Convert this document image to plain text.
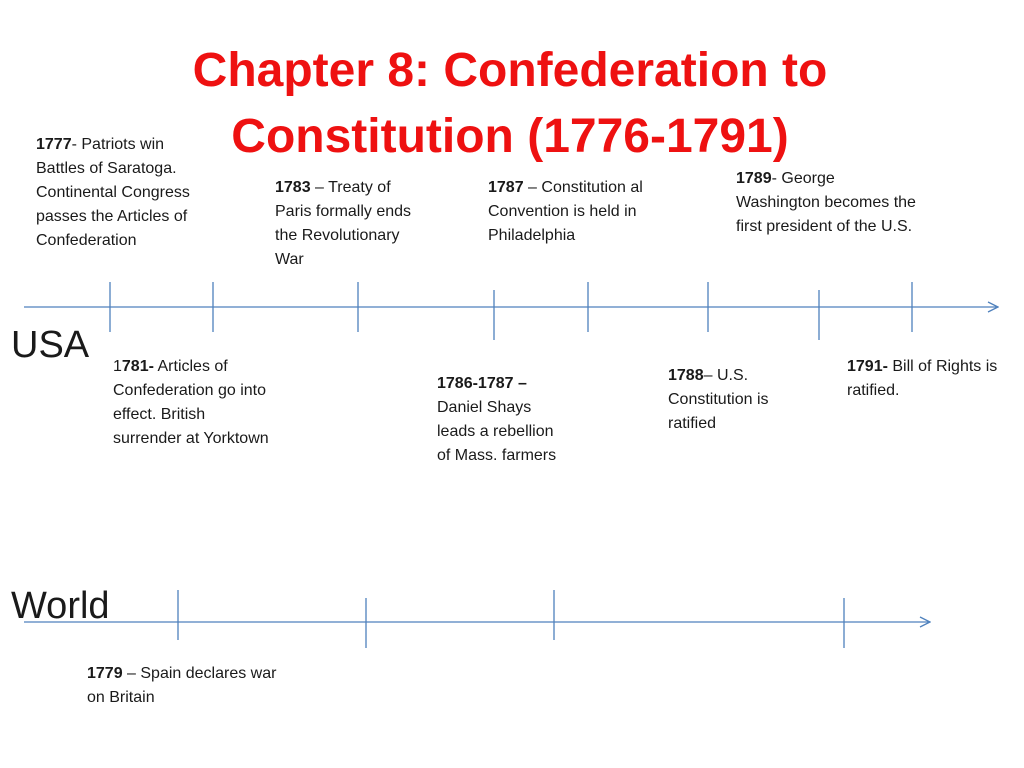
Chapter 8: Confederation to
Constitution (1776-1791)
USA
World
1777- Patriots win Battles of Saratoga. Continental Congress passes the Articles of Confederation
1783 – Treaty of Paris formally ends the Revolutionary War
1787 – Constitution al Convention is held in Philadelphia
1789- George Washington becomes the first president of the U.S.
1781- Articles of Confederation go into effect. British surrender at Yorktown
1786-1787 – Daniel Shays leads a rebellion of Mass. farmers
1788– U.S. Constitution is ratified
1791- Bill of Rights is ratified.
1779 – Spain declares war on Britain
